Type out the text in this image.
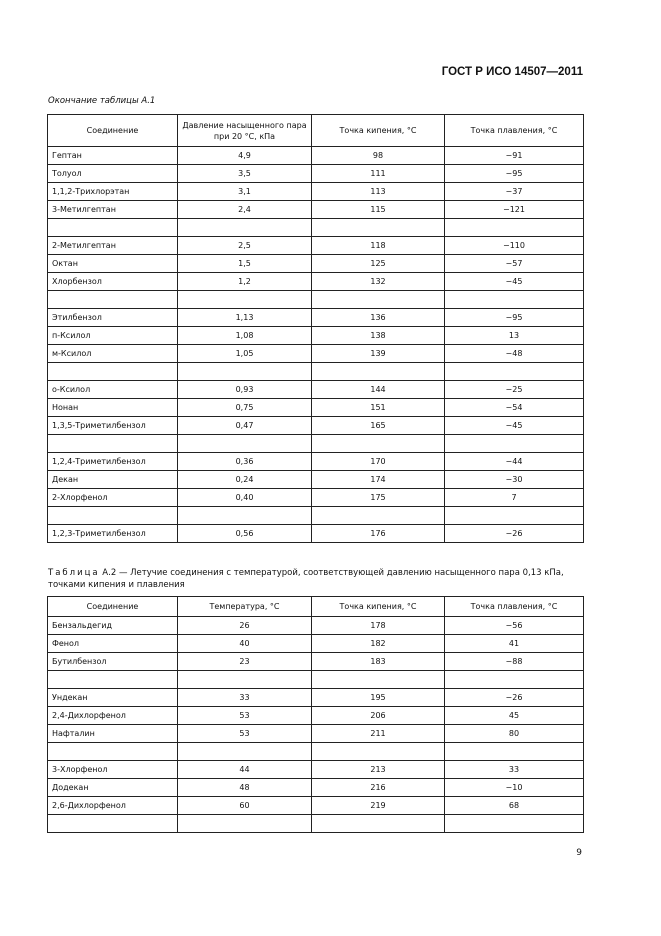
ГОСТ Р ИСО 14507—2011
Окончание таблицы А.1
Соединение	Давление насыщенного пара при 20 °С, кПа	Точка кипения, °С	Точка плавления, °С
Гептан	4,9	98	−91
Толуол	3,5	111	−95
1,1,2-Трихлорэтан	3,1	113	−37
3-Метилгептан	2,4	115	−121

2-Метилгептан	2,5	118	−110
Октан	1,5	125	−57
Хлорбензол	1,2	132	−45

Этилбензол	1,13	136	−95
п-Ксилол	1,08	138	13
м-Ксилол	1,05	139	−48

о-Ксилол	0,93	144	−25
Нонан	0,75	151	−54
1,3,5-Триметилбензол	0,47	165	−45

1,2,4-Триметилбензол	0,36	170	−44
Декан	0,24	174	−30
2-Хлорфенол	0,40	175	7

1,2,3-Триметилбензол	0,56	176	−26
Таблица А.2 — Летучие соединения с температурой, соответствующей давлению насыщенного пара 0,13 кПа, точками кипения и плавления
Соединение	Температура, °С	Точка кипения, °С	Точка плавления, °С
Бензальдегид	26	178	−56
Фенол	40	182	41
Бутилбензол	23	183	−88

Ундекан	33	195	−26
2,4-Дихлорфенол	53	206	45
Нафталин	53	211	80

3-Хлорфенол	44	213	33
Додекан	48	216	−10
2,6-Дихлорфенол	60	219	68

9
